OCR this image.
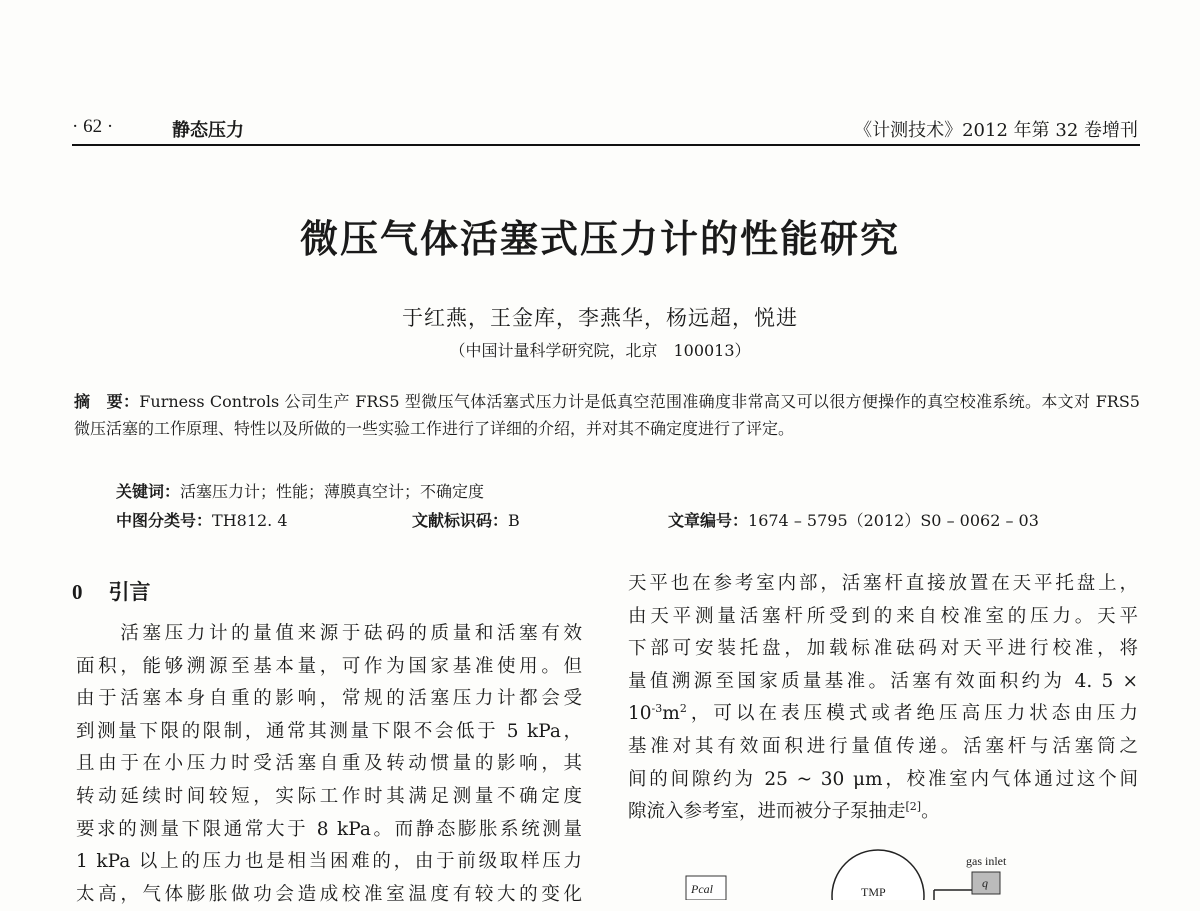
· 62 ·	静态压力	《计测技术》2012 年第 32 卷增刊
微压气体活塞式压力计的性能研究
于红燕，王金库，李燕华，杨远超，悦进
（中国计量科学研究院，北京　100013）
摘　要：Furness Controls 公司生产 FRS5 型微压气体活塞式压力计是低真空范围准确度非常高又可以很方便操作的真空校准系统。本文对 FRS5 微压活塞的工作原理、特性以及所做的一些实验工作进行了详细的介绍，并对其不确定度进行了评定。
关键词：活塞压力计；性能；薄膜真空计；不确定度
中图分类号：TH812. 4	文献标识码：B	文章编号：1674 – 5795（2012）S0 – 0062 – 03
0 引言

　　活塞压力计的量值来源于砝码的质量和活塞有效

面积，能够溯源至基本量，可作为国家基准使用。但

由于活塞本身自重的影响，常规的活塞压力计都会受

到测量下限的限制，通常其测量下限不会低于 5 kPa，

且由于在小压力时受活塞自重及转动惯量的影响，其

转动延续时间较短，实际工作时其满足测量不确定度

要求的测量下限通常大于 8 kPa。而静态膨胀系统测量

1 kPa 以上的压力也是相当困难的，由于前级取样压力

太高，气体膨胀做功会造成校准室温度有较大的变化

天平也在参考室内部，活塞杆直接放置在天平托盘上，

由天平测量活塞杆所受到的来自校准室的压力。天平

下部可安装托盘，加载标准砝码对天平进行校准，将

量值溯源至国家质量基准。活塞有效面积约为 4. 5 ×

$10^{-3}m^2$，可以在表压模式或者绝压高压力状态由压力

基准对其有效面积进行量值传递。活塞杆与活塞筒之

间的间隙约为 25 ~ 30 μm，校准室内气体通过这个间

隙流入参考室，进而被分子泵抽走[2]。

Pcal	TMP
gas inlet
q
